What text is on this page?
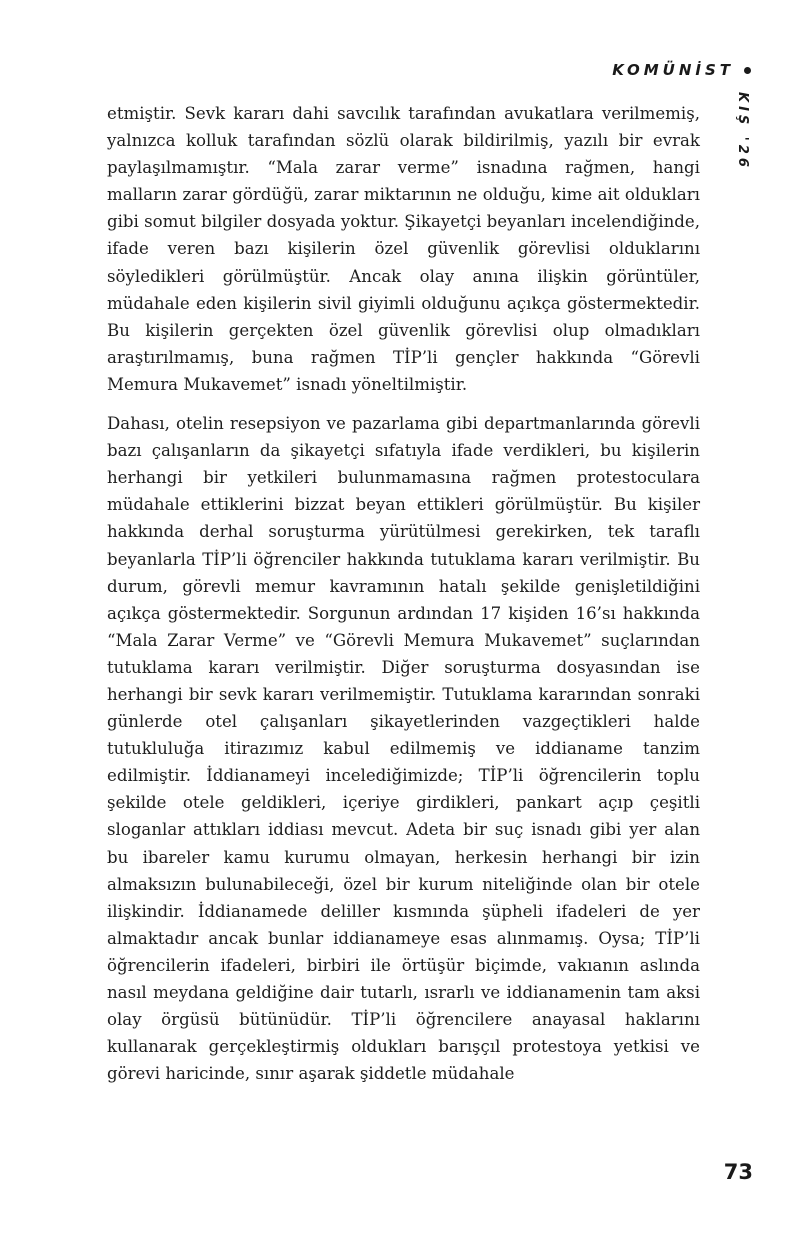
KOMÜNİST
KIŞ '26

etmiştir. Sevk kararı dahi savcılık tarafından avukatlara verilmemiş, yalnızca kolluk tarafından sözlü olarak bildirilmiş, yazılı bir evrak paylaşılmamıştır. “Mala zarar verme” isnadına rağmen, hangi malların zarar gördüğü, zarar miktarının ne olduğu, kime ait oldukları gibi somut bilgiler dosyada yoktur. Şikayetçi beyanları incelendiğinde, ifade veren bazı kişilerin özel güvenlik görevlisi olduklarını söyledikleri görülmüştür. Ancak olay anına ilişkin görüntüler, müdahale eden kişilerin sivil giyimli olduğunu açıkça göstermektedir. Bu kişilerin gerçekten özel güvenlik görevlisi olup olmadıkları araştırılmamış, buna rağmen TİP’li gençler hakkında “Görevli Memura Mukavemet” isnadı yöneltilmiştir.

Dahası, otelin resepsiyon ve pazarlama gibi departmanlarında görevli bazı çalışanların da şikayetçi sıfatıyla ifade verdikleri, bu kişilerin herhangi bir yetkileri bulunmamasına rağmen protestoculara müdahale ettiklerini bizzat beyan ettikleri görülmüştür. Bu kişiler hakkında derhal soruşturma yürütülmesi gerekirken, tek taraflı beyanlarla TİP’li öğrenciler hakkında tutuklama kararı verilmiştir. Bu durum, görevli memur kavramının hatalı şekilde genişletildiğini açıkça göstermektedir. Sorgunun ardından 17 kişiden 16’sı hakkında “Mala Zarar Verme” ve “Görevli Memura Mukavemet” suçlarından tutuklama kararı verilmiştir. Diğer soruşturma dosyasından ise herhangi bir sevk kararı verilmemiştir. Tutuklama kararından sonraki günlerde otel çalışanları şikayetlerinden vazgeçtikleri halde tutukluluğa itirazımız kabul edilmemiş ve iddianame tanzim edilmiştir. İddianameyi incelediğimizde; TİP’li öğrencilerin toplu şekilde otele geldikleri, içeriye girdikleri, pankart açıp çeşitli sloganlar attıkları iddiası mevcut. Adeta bir suç isnadı gibi yer alan bu ibareler kamu kurumu olmayan, herkesin herhangi bir izin almaksızın bulunabileceği, özel bir kurum niteliğinde olan bir otele ilişkindir. İddianamede deliller kısmında şüpheli ifadeleri de yer almaktadır ancak bunlar iddianameye esas alınmamış. Oysa; TİP’li öğrencilerin ifadeleri, birbiri ile örtüşür biçimde, vakıanın aslında nasıl meydana geldiğine dair tutarlı, ısrarlı ve iddianamenin tam aksi olay örgüsü bütünüdür. TİP’li öğrencilere anayasal haklarını kullanarak gerçekleştirmiş oldukları barışçıl protestoya yetkisi ve görevi haricinde, sınır aşarak şiddetle müdahale

73
